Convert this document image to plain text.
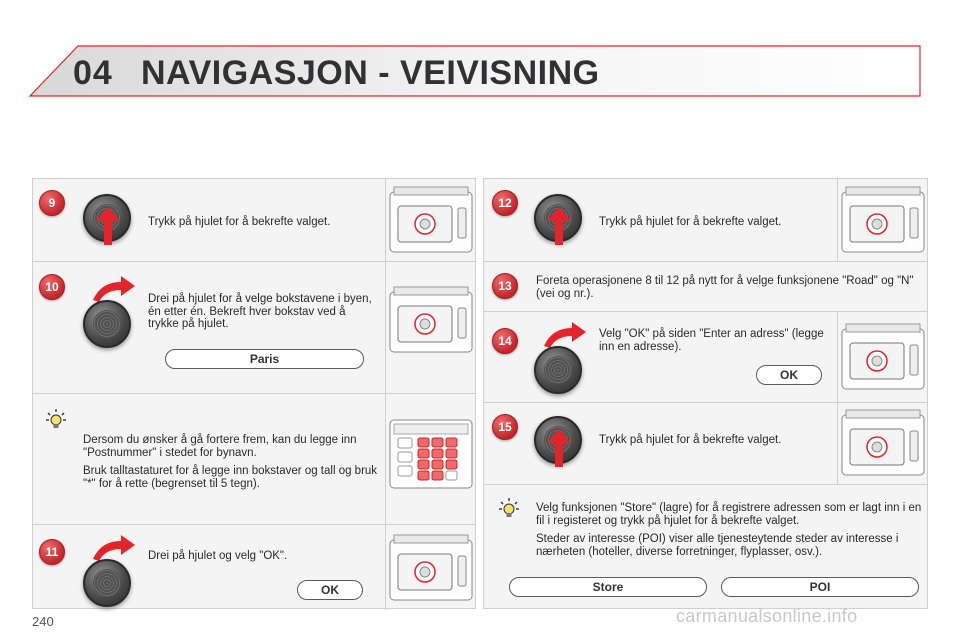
04 NAVIGASJON - VEIVISNING
9
Trykk på hjulet for å bekrefte valget.
10
Drei på hjulet for å velge bokstavene i byen, én etter én. Bekreft hver bokstav ved å trykke på hjulet.
Paris

Dersom du ønsker å gå fortere frem, kan du legge inn "Postnummer" i stedet for bynavn.

Bruk talltastaturet for å legge inn bokstaver og tall og bruk "*" for å rette (begrenset til 5 tegn).

11	Drei på hjulet og velg "OK".
OK
12
Trykk på hjulet for å bekrefte valget.
13	Foreta operasjonene 8 til 12 på nytt for å velge funksjonene "Road" og "N" (vei og nr.).
14	Velg "OK" på siden "Enter an adress" (legge inn en adresse).
OK
15
Trykk på hjulet for å bekrefte valget.

Velg funksjonen "Store" (lagre) for å registrere adressen som er lagt inn i en fil i registeret og trykk på hjulet for å bekrefte valget.

Steder av interesse (POI) viser alle tjenesteytende steder av interesse i nærheten (hoteller, diverse forretninger, flyplasser, osv.).

Store	POI
240	carmanualsonline.info
